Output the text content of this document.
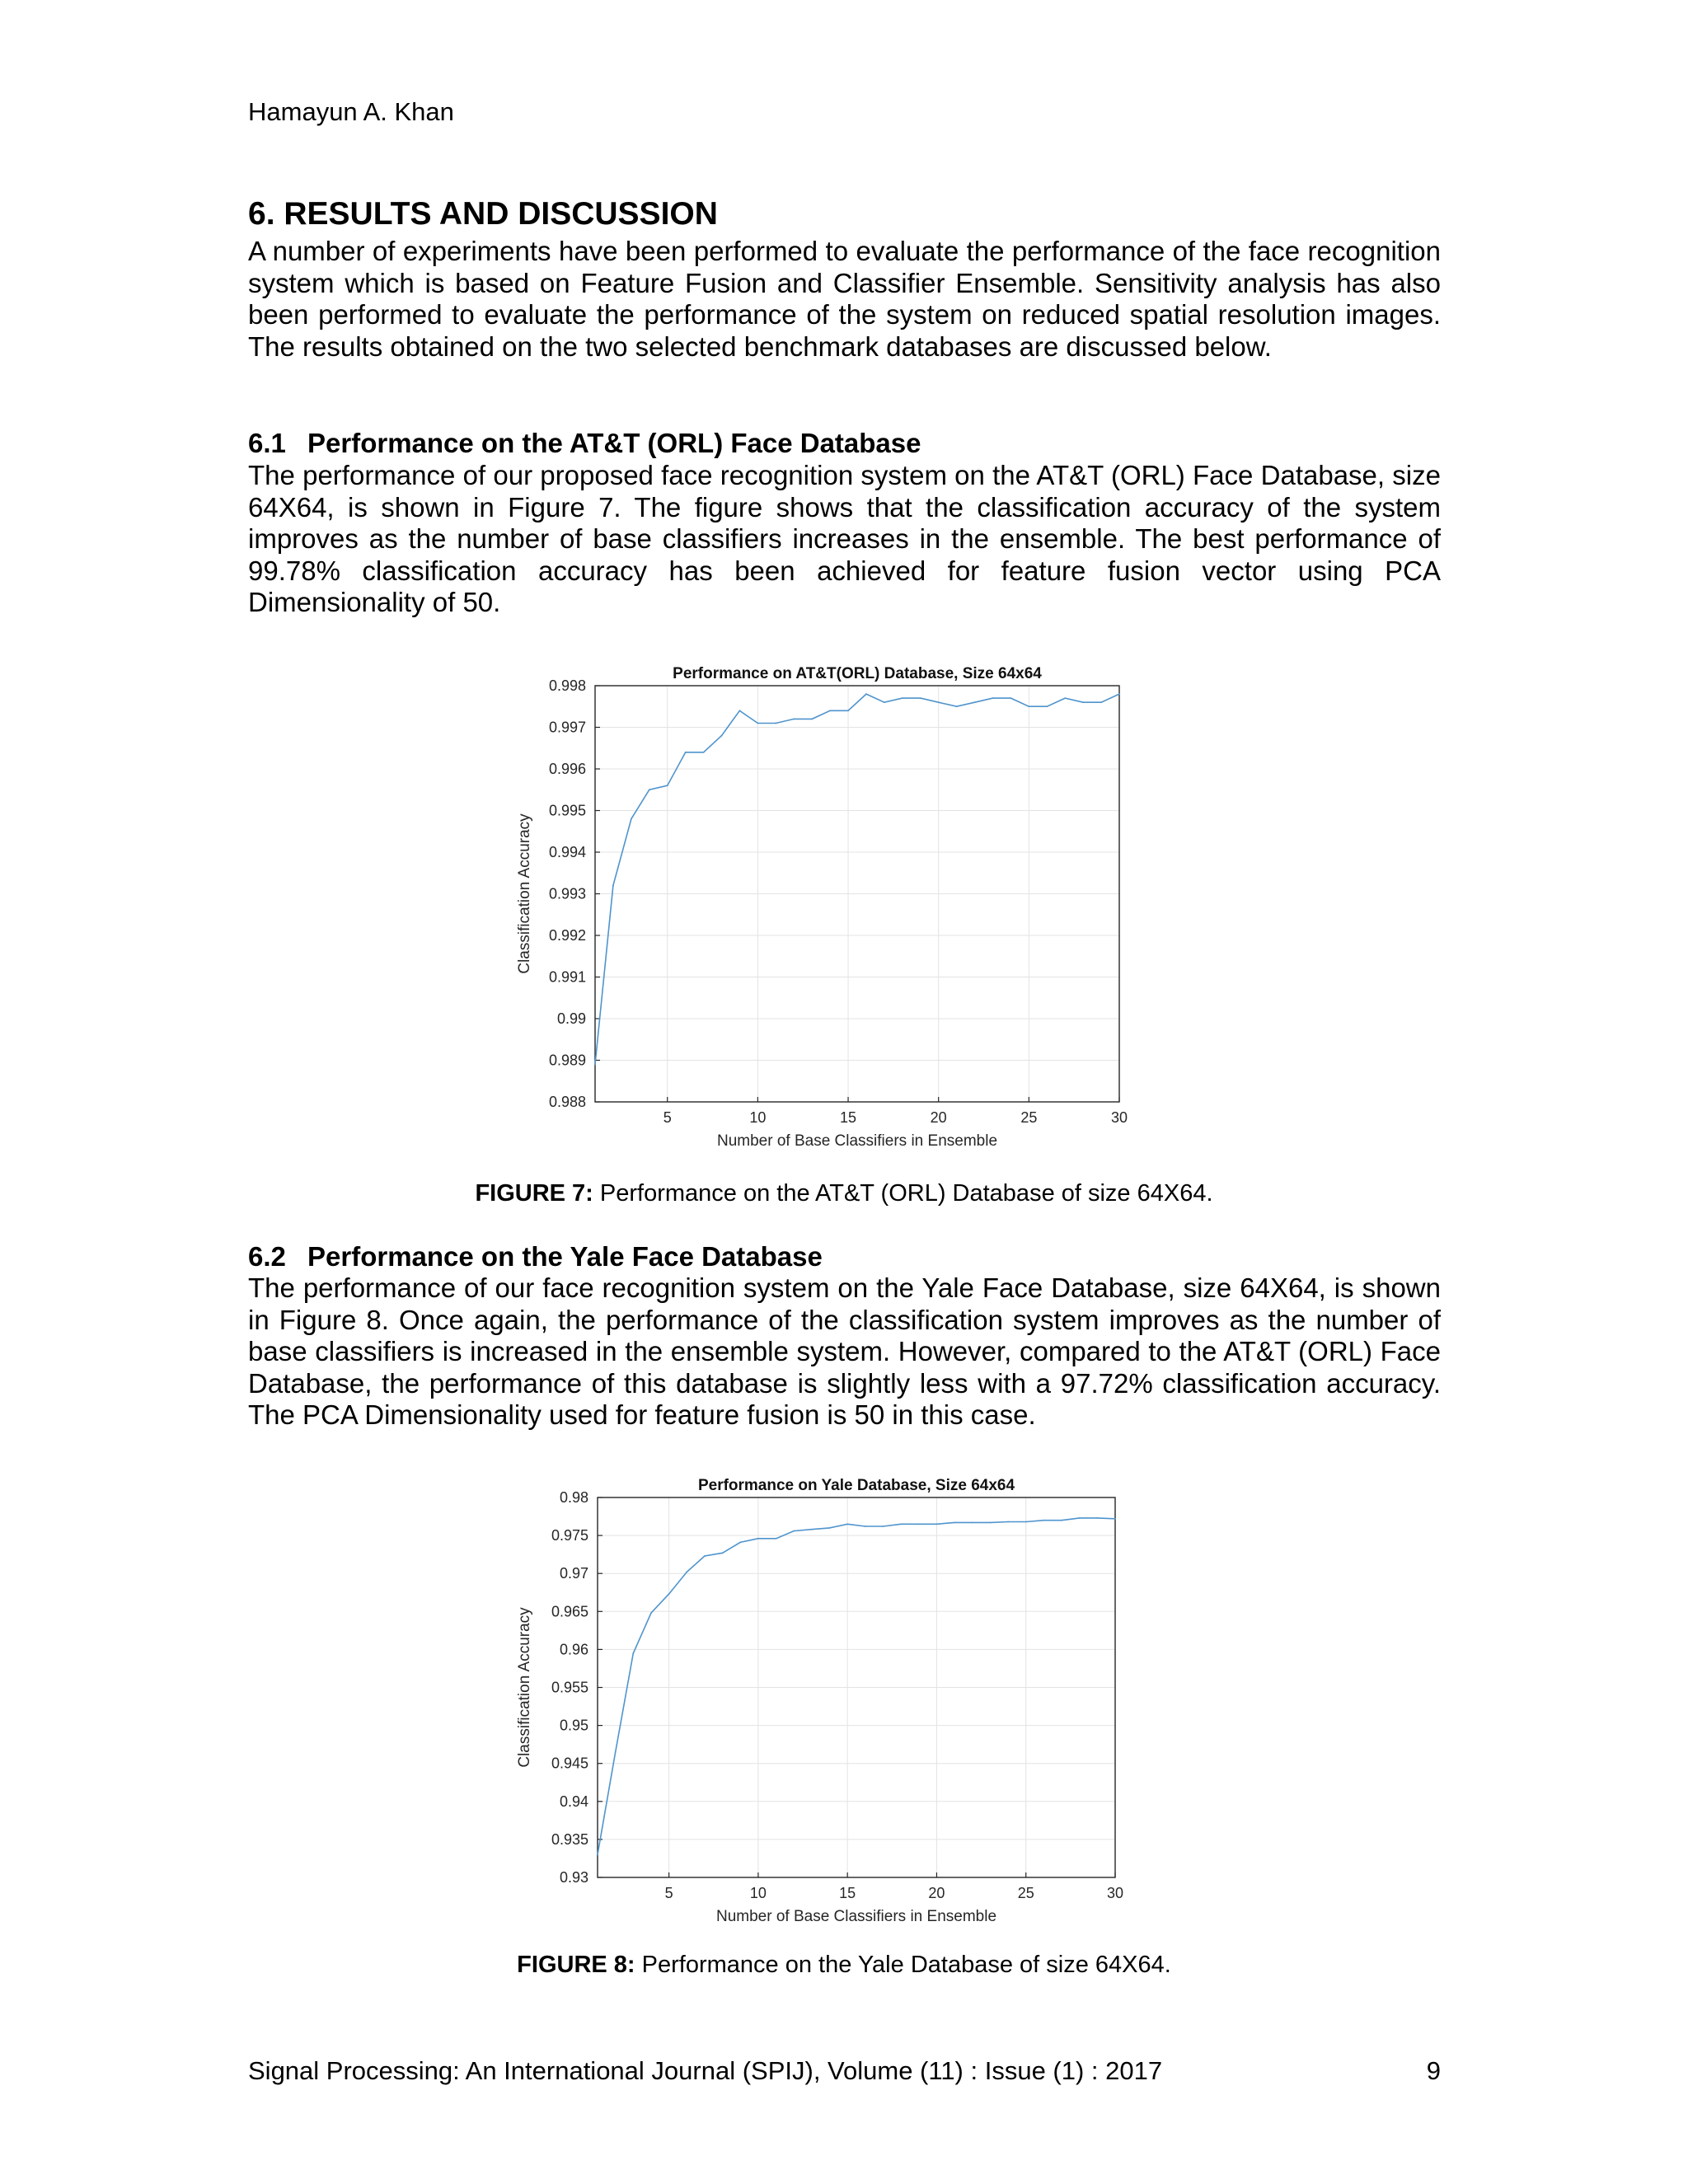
Hamayun A. Khan
6. RESULTS AND DISCUSSION

A number of experiments have been performed to evaluate the performance of the face recognition system which is based on Feature Fusion and Classifier Ensemble. Sensitivity analysis has also been performed to evaluate the performance of the system on reduced spatial resolution images. The results obtained on the two selected benchmark databases are discussed below.

6.1 Performance on the AT&T (ORL) Face Database

The performance of our proposed face recognition system on the AT&T (ORL) Face Database, size 64X64, is shown in Figure 7. The figure shows that the classification accuracy of the system improves as the number of base classifiers increases in the ensemble. The best performance of 99.78% classification accuracy has been achieved for feature fusion vector using PCA Dimensionality of 50.

5	10	15	20	25	30
0.988
0.989
0.99
0.991
0.992
0.993
0.994
0.995
0.996
0.997
0.998
Performance on AT&T(ORL) Database, Size 64x64
Number of Base Classifiers in Ensemble
Classification Accuracy
FIGURE 7: Performance on the AT&T (ORL) Database of size 64X64.
6.2 Performance on the Yale Face Database

The performance of our face recognition system on the Yale Face Database, size 64X64, is shown in Figure 8. Once again, the performance of the classification system improves as the number of base classifiers is increased in the ensemble system. However, compared to the AT&T (ORL) Face Database, the performance of this database is slightly less with a 97.72% classification accuracy. The PCA Dimensionality used for feature fusion is 50 in this case.

5	10	15	20	25	30
0.93
0.935
0.94
0.945
0.95
0.955
0.96
0.965
0.97
0.975
0.98
Performance on Yale Database, Size 64x64
Number of Base Classifiers in Ensemble
Classification Accuracy
FIGURE 8: Performance on the Yale Database of size 64X64.
Signal Processing: An International Journal (SPIJ), Volume (11) : Issue (1) : 2017	9
